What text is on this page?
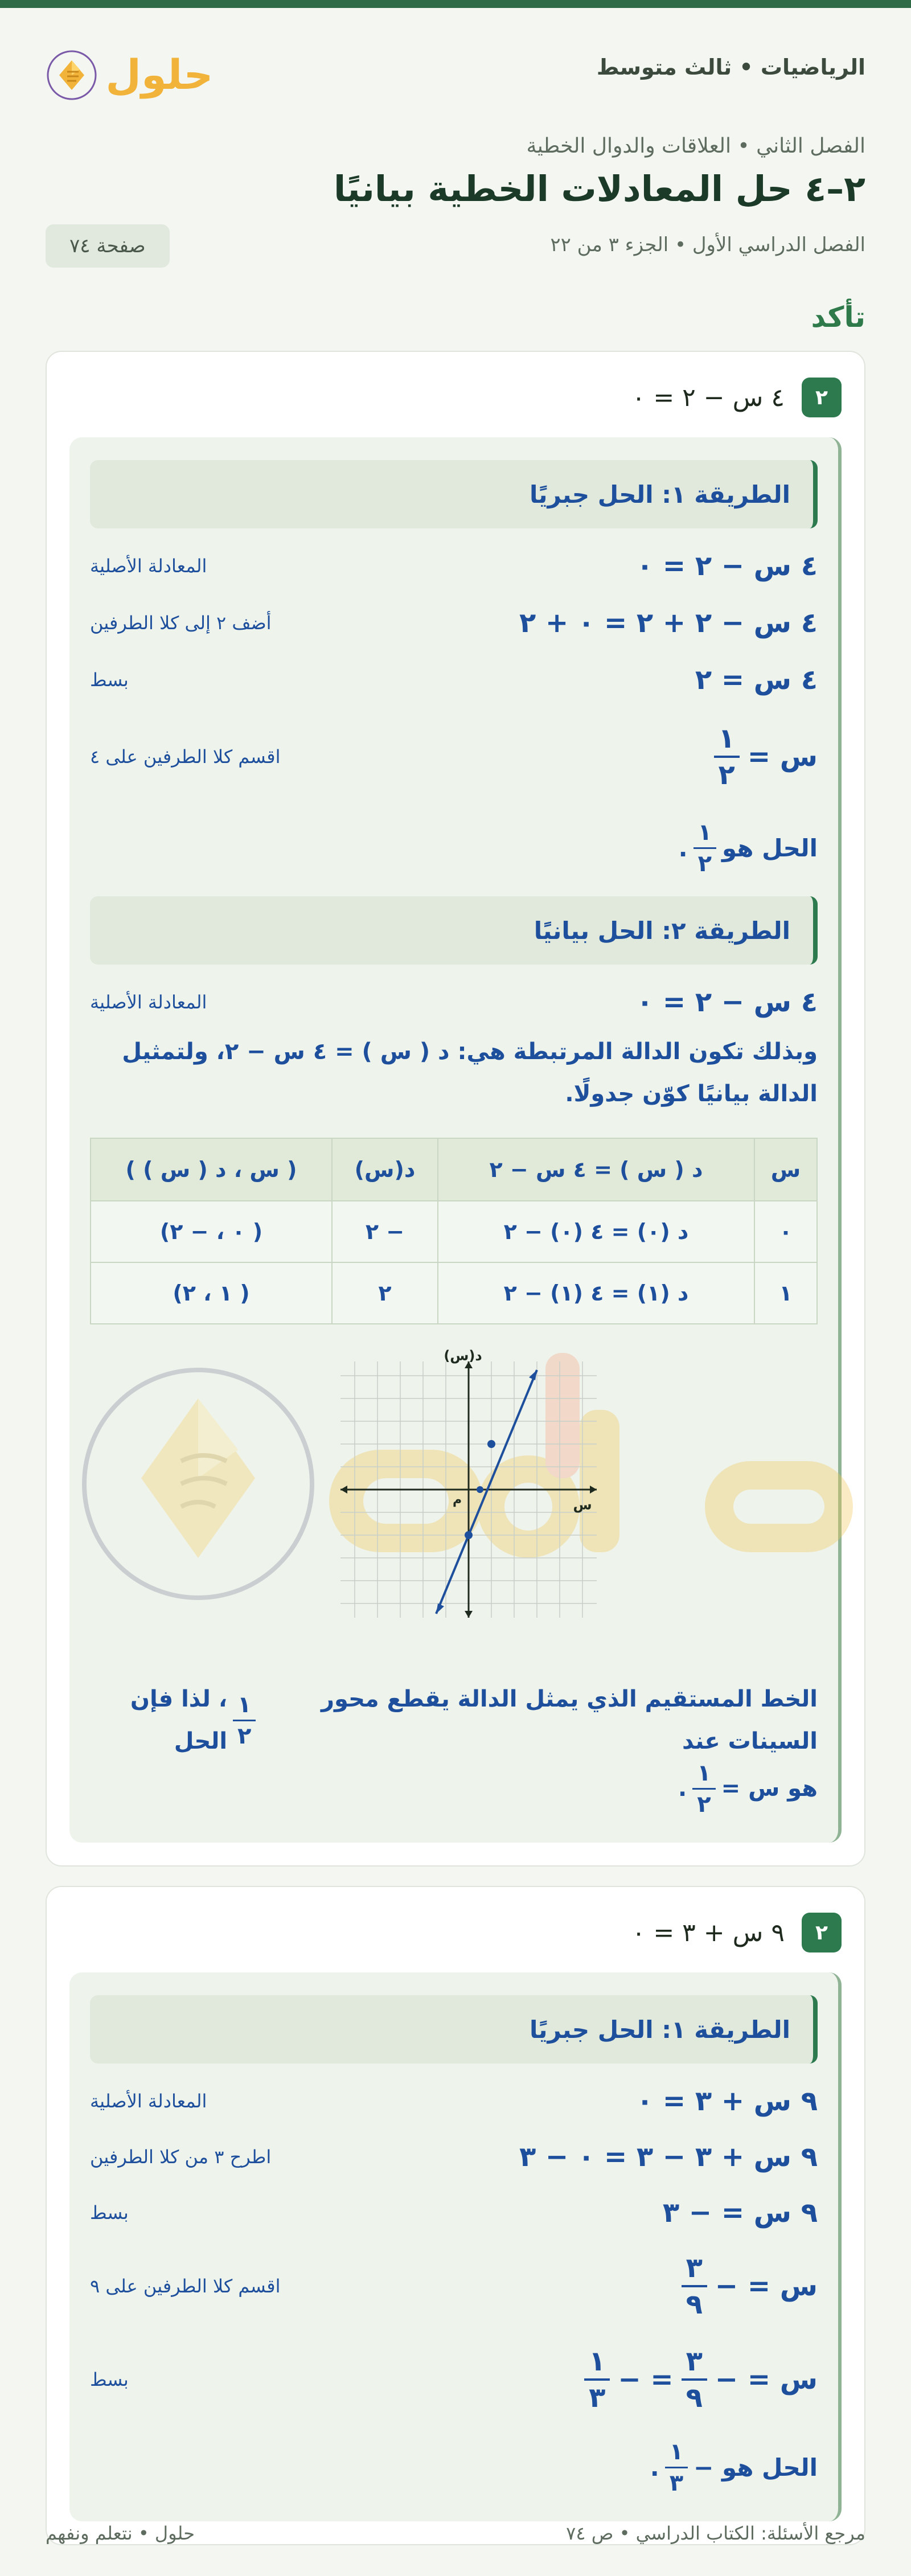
الرياضيات • ثالث متوسط
حلول
الفصل الثاني • العلاقات والدوال الخطية
٢–٤ حل المعادلات الخطية بيانيًا
الفصل الدراسي الأول • الجزء ٣ من ٢٢
صفحة ٧٤
تأكد
٢
٤ س − ٢ = ٠
الطريقة ١: الحل جبريًا
٤ س − ٢ = ٠
المعادلة الأصلية
٤ س − ٢ + ٢ = ٠ + ٢
أضف ٢ إلى كلا الطرفين
٤ س = ٢
بسط
س =
$\frac{١}{٢}$
اقسم كلا الطرفين على ٤
الحل هو
$\frac{١}{٢}$
.
الطريقة ٢: الحل بيانيًا
٤ س − ٢ = ٠
المعادلة الأصلية
وبذلك تكون الدالة المرتبطة هي: د ( س ) = ٤ س − ٢، ولتمثيل الدالة بيانيًا كوّن جدولًا.
س	د ( س ) = ٤ س − ٢	د(س)	( س ، د ( س ) )
٠	د (٠) = ٤ (٠) − ٢	− ٢	( ٠ ، − ٢)
١	د (١) = ٤ (١) − ٢	٢	( ١ ، ٢)
د(س)
س
م
الخط المستقيم الذي يمثل الدالة يقطع محور السينات عند
$\frac{١}{٢}$
، لذا فإن الحل
هو س =
$\frac{١}{٢}$
.
٢
٩ س + ٣ = ٠
الطريقة ١: الحل جبريًا
٩ س + ٣ = ٠
المعادلة الأصلية
٩ س + ٣ − ٣ = ٠ − ٣
اطرح ٣ من كلا الطرفين
٩ س = − ٣
بسط
س = −
$\frac{٣}{٩}$
اقسم كلا الطرفين على ٩
س = −
$\frac{٣}{٩}$
= −
$\frac{١}{٣}$
بسط
الحل هو −
$\frac{١}{٣}$
.
مرجع الأسئلة: الكتاب الدراسي • ص ٧٤
حلول • نتعلم ونفهم
